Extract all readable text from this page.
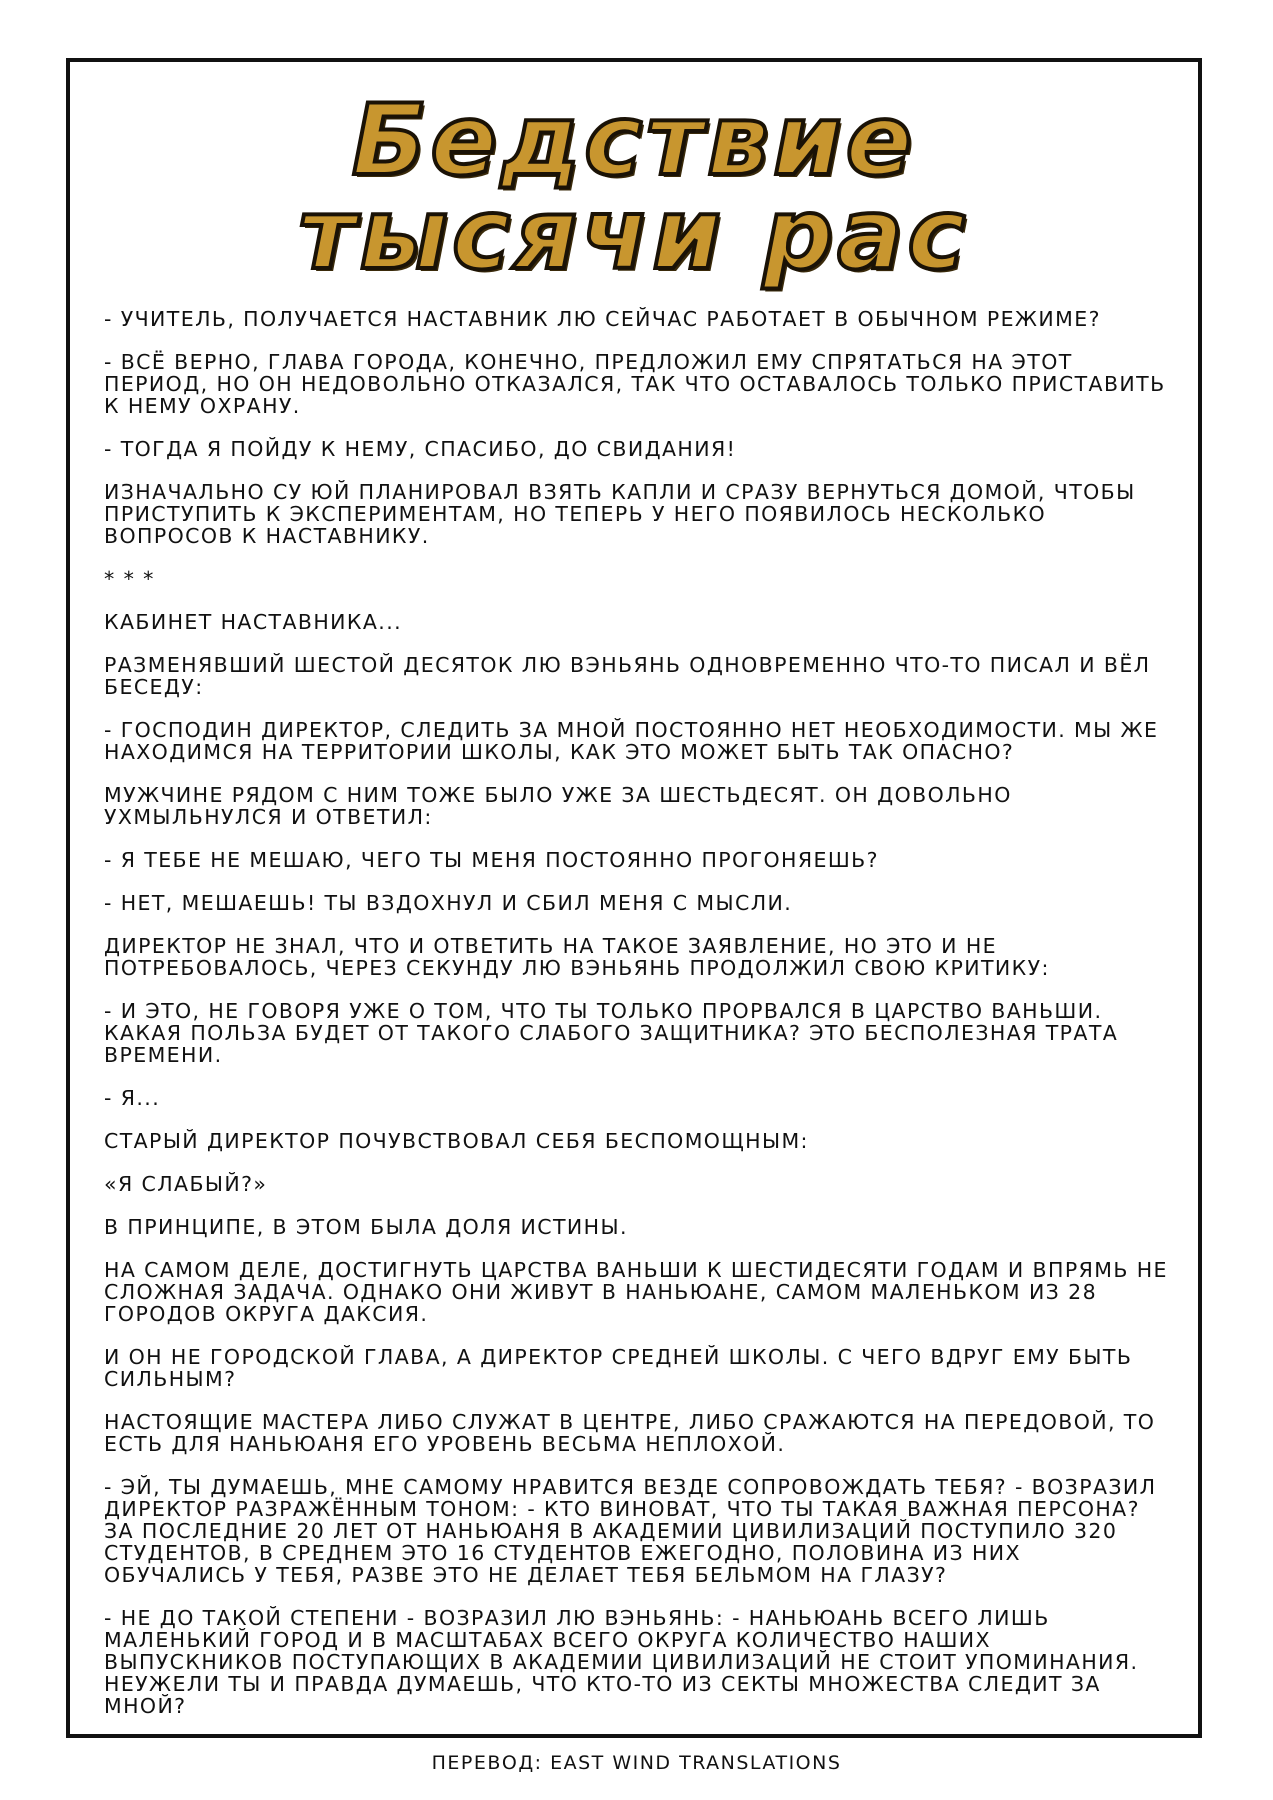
Бедствие
тысячи рас

- УЧИТЕЛЬ, ПОЛУЧАЕТСЯ НАСТАВНИК ЛЮ СЕЙЧАС РАБОТАЕТ В ОБЫЧНОМ РЕЖИМЕ?

- ВСЁ ВЕРНО, ГЛАВА ГОРОДА, КОНЕЧНО, ПРЕДЛОЖИЛ ЕМУ СПРЯТАТЬСЯ НА ЭТОТ ПЕРИОД, НО ОН НЕДОВОЛЬНО ОТКАЗАЛСЯ, ТАК ЧТО ОСТАВАЛОСЬ ТОЛЬКО ПРИСТАВИТЬ К НЕМУ ОХРАНУ.

- ТОГДА Я ПОЙДУ К НЕМУ, СПАСИБО, ДО СВИДАНИЯ!

ИЗНАЧАЛЬНО СУ ЮЙ ПЛАНИРОВАЛ ВЗЯТЬ КАПЛИ И СРАЗУ ВЕРНУТЬСЯ ДОМОЙ, ЧТОБЫ ПРИСТУПИТЬ К ЭКСПЕРИМЕНТАМ, НО ТЕПЕРЬ У НЕГО ПОЯВИЛОСЬ НЕСКОЛЬКО ВОПРОСОВ К НАСТАВНИКУ.

* * *

КАБИНЕТ НАСТАВНИКА...

РАЗМЕНЯВШИЙ ШЕСТОЙ ДЕСЯТОК ЛЮ ВЭНЬЯНЬ ОДНОВРЕМЕННО ЧТО-ТО ПИСАЛ И ВЁЛ БЕСЕДУ:

- ГОСПОДИН ДИРЕКТОР, СЛЕДИТЬ ЗА МНОЙ ПОСТОЯННО НЕТ НЕОБХОДИМОСТИ. МЫ ЖЕ НАХОДИМСЯ НА ТЕРРИТОРИИ ШКОЛЫ, КАК ЭТО МОЖЕТ БЫТЬ ТАК ОПАСНО?

МУЖЧИНЕ РЯДОМ С НИМ ТОЖЕ БЫЛО УЖЕ ЗА ШЕСТЬДЕСЯТ. ОН ДОВОЛЬНО УХМЫЛЬНУЛСЯ И ОТВЕТИЛ:

- Я ТЕБЕ НЕ МЕШАЮ, ЧЕГО ТЫ МЕНЯ ПОСТОЯННО ПРОГОНЯЕШЬ?

- НЕТ, МЕШАЕШЬ! ТЫ ВЗДОХНУЛ И СБИЛ МЕНЯ С МЫСЛИ.

ДИРЕКТОР НЕ ЗНАЛ, ЧТО И ОТВЕТИТЬ НА ТАКОЕ ЗАЯВЛЕНИЕ, НО ЭТО И НЕ ПОТРЕБОВАЛОСЬ, ЧЕРЕЗ СЕКУНДУ ЛЮ ВЭНЬЯНЬ ПРОДОЛЖИЛ СВОЮ КРИТИКУ:

- И ЭТО, НЕ ГОВОРЯ УЖЕ О ТОМ, ЧТО ТЫ ТОЛЬКО ПРОРВАЛСЯ В ЦАРСТВО ВАНЬШИ. КАКАЯ ПОЛЬЗА БУДЕТ ОТ ТАКОГО СЛАБОГО ЗАЩИТНИКА? ЭТО БЕСПОЛЕЗНАЯ ТРАТА ВРЕМЕНИ.

- Я...

СТАРЫЙ ДИРЕКТОР ПОЧУВСТВОВАЛ СЕБЯ БЕСПОМОЩНЫМ:

«Я СЛАБЫЙ?»

В ПРИНЦИПЕ, В ЭТОМ БЫЛА ДОЛЯ ИСТИНЫ.

НА САМОМ ДЕЛЕ, ДОСТИГНУТЬ ЦАРСТВА ВАНЬШИ К ШЕСТИДЕСЯТИ ГОДАМ И ВПРЯМЬ НЕ СЛОЖНАЯ ЗАДАЧА. ОДНАКО ОНИ ЖИВУТ В НАНЬЮАНЕ, САМОМ МАЛЕНЬКОМ ИЗ 28 ГОРОДОВ ОКРУГА ДАКСИЯ.

И ОН НЕ ГОРОДСКОЙ ГЛАВА, А ДИРЕКТОР СРЕДНЕЙ ШКОЛЫ. С ЧЕГО ВДРУГ ЕМУ БЫТЬ СИЛЬНЫМ?

НАСТОЯЩИЕ МАСТЕРА ЛИБО СЛУЖАТ В ЦЕНТРЕ, ЛИБО СРАЖАЮТСЯ НА ПЕРЕДОВОЙ, ТО ЕСТЬ ДЛЯ НАНЬЮАНЯ ЕГО УРОВЕНЬ ВЕСЬМА НЕПЛОХОЙ.

- ЭЙ, ТЫ ДУМАЕШЬ, МНЕ САМОМУ НРАВИТСЯ ВЕЗДЕ СОПРОВОЖДАТЬ ТЕБЯ? - ВОЗРАЗИЛ ДИРЕКТОР РАЗРАЖЁННЫМ ТОНОМ: - КТО ВИНОВАТ, ЧТО ТЫ ТАКАЯ ВАЖНАЯ ПЕРСОНА? ЗА ПОСЛЕДНИЕ 20 ЛЕТ ОТ НАНЬЮАНЯ В АКАДЕМИИ ЦИВИЛИЗАЦИЙ ПОСТУПИЛО 320 СТУДЕНТОВ, В СРЕДНЕМ ЭТО 16 СТУДЕНТОВ ЕЖЕГОДНО, ПОЛОВИНА ИЗ НИХ ОБУЧАЛИСЬ У ТЕБЯ, РАЗВЕ ЭТО НЕ ДЕЛАЕТ ТЕБЯ БЕЛЬМОМ НА ГЛАЗУ?

- НЕ ДО ТАКОЙ СТЕПЕНИ - ВОЗРАЗИЛ ЛЮ ВЭНЬЯНЬ: - НАНЬЮАНЬ ВСЕГО ЛИШЬ МАЛЕНЬКИЙ ГОРОД И В МАСШТАБАХ ВСЕГО ОКРУГА КОЛИЧЕСТВО НАШИХ ВЫПУСКНИКОВ ПОСТУПАЮЩИХ В АКАДЕМИИ ЦИВИЛИЗАЦИЙ НЕ СТОИТ УПОМИНАНИЯ. НЕУЖЕЛИ ТЫ И ПРАВДА ДУМАЕШЬ, ЧТО КТО-ТО ИЗ СЕКТЫ МНОЖЕСТВА СЛЕДИТ ЗА МНОЙ?

ПЕРЕВОД: EAST WIND TRANSLATIONS
